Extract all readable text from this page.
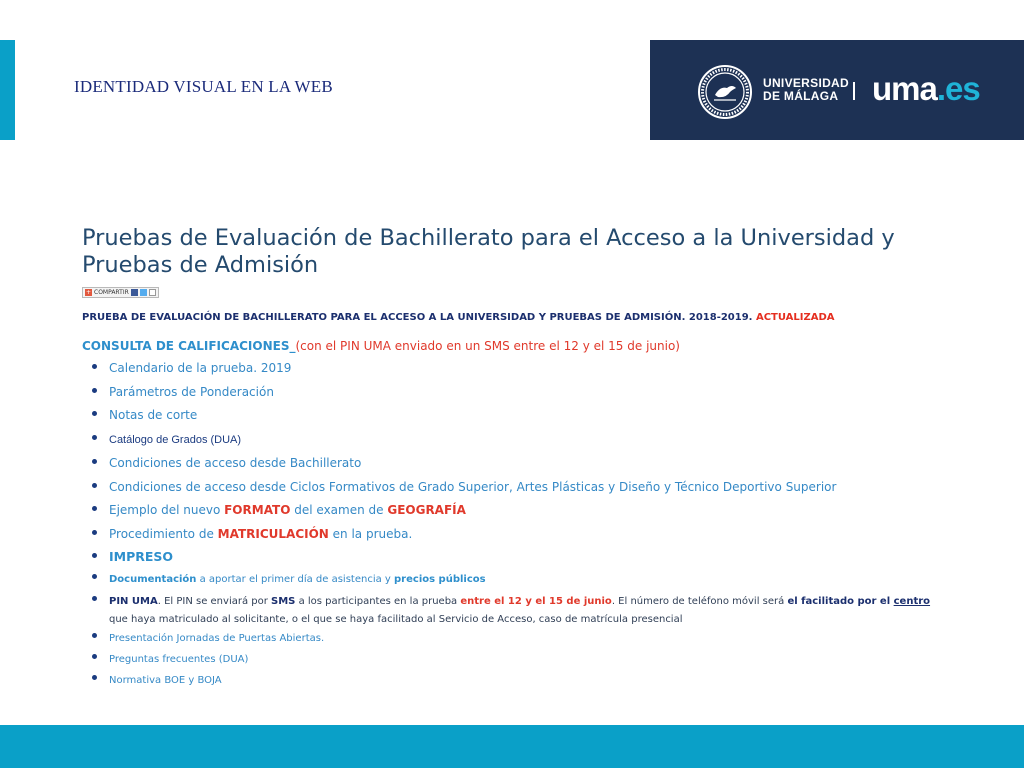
IDENTIDAD VISUAL EN LA WEB	UNIVERSIDAD
DE MÁLAGA	uma.es
Pruebas de Evaluación de Bachillerato para el Acceso a la Universidad y
Pruebas de Admisión
+ COMPARTIR
PRUEBA DE EVALUACIÓN DE BACHILLERATO PARA EL ACCESO A LA UNIVERSIDAD Y PRUEBAS DE ADMISIÓN. 2018-2019. ACTUALIZADA
CONSULTA DE CALIFICACIONES_(con el PIN UMA enviado en un SMS entre el 12 y el 15 de junio)
• Calendario de la prueba. 2019
• Parámetros de Ponderación
• Notas de corte
• Catálogo de Grados (DUA)
• Condiciones de acceso desde Bachillerato
• Condiciones de acceso desde Ciclos Formativos de Grado Superior, Artes Plásticas y Diseño y Técnico Deportivo Superior
• Ejemplo del nuevo FORMATO del examen de GEOGRAFÍA
• Procedimiento de MATRICULACIÓN en la prueba.
• IMPRESO
• Documentación a aportar el primer día de asistencia y precios públicos
• PIN UMA. El PIN se enviará por SMS a los participantes en la prueba entre el 12 y el 15 de junio. El número de teléfono móvil será el facilitado por el centro
que haya matriculado al solicitante, o el que se haya facilitado al Servicio de Acceso, caso de matrícula presencial
• Presentación Jornadas de Puertas Abiertas.
• Preguntas frecuentes (DUA)
• Normativa BOE y BOJA
